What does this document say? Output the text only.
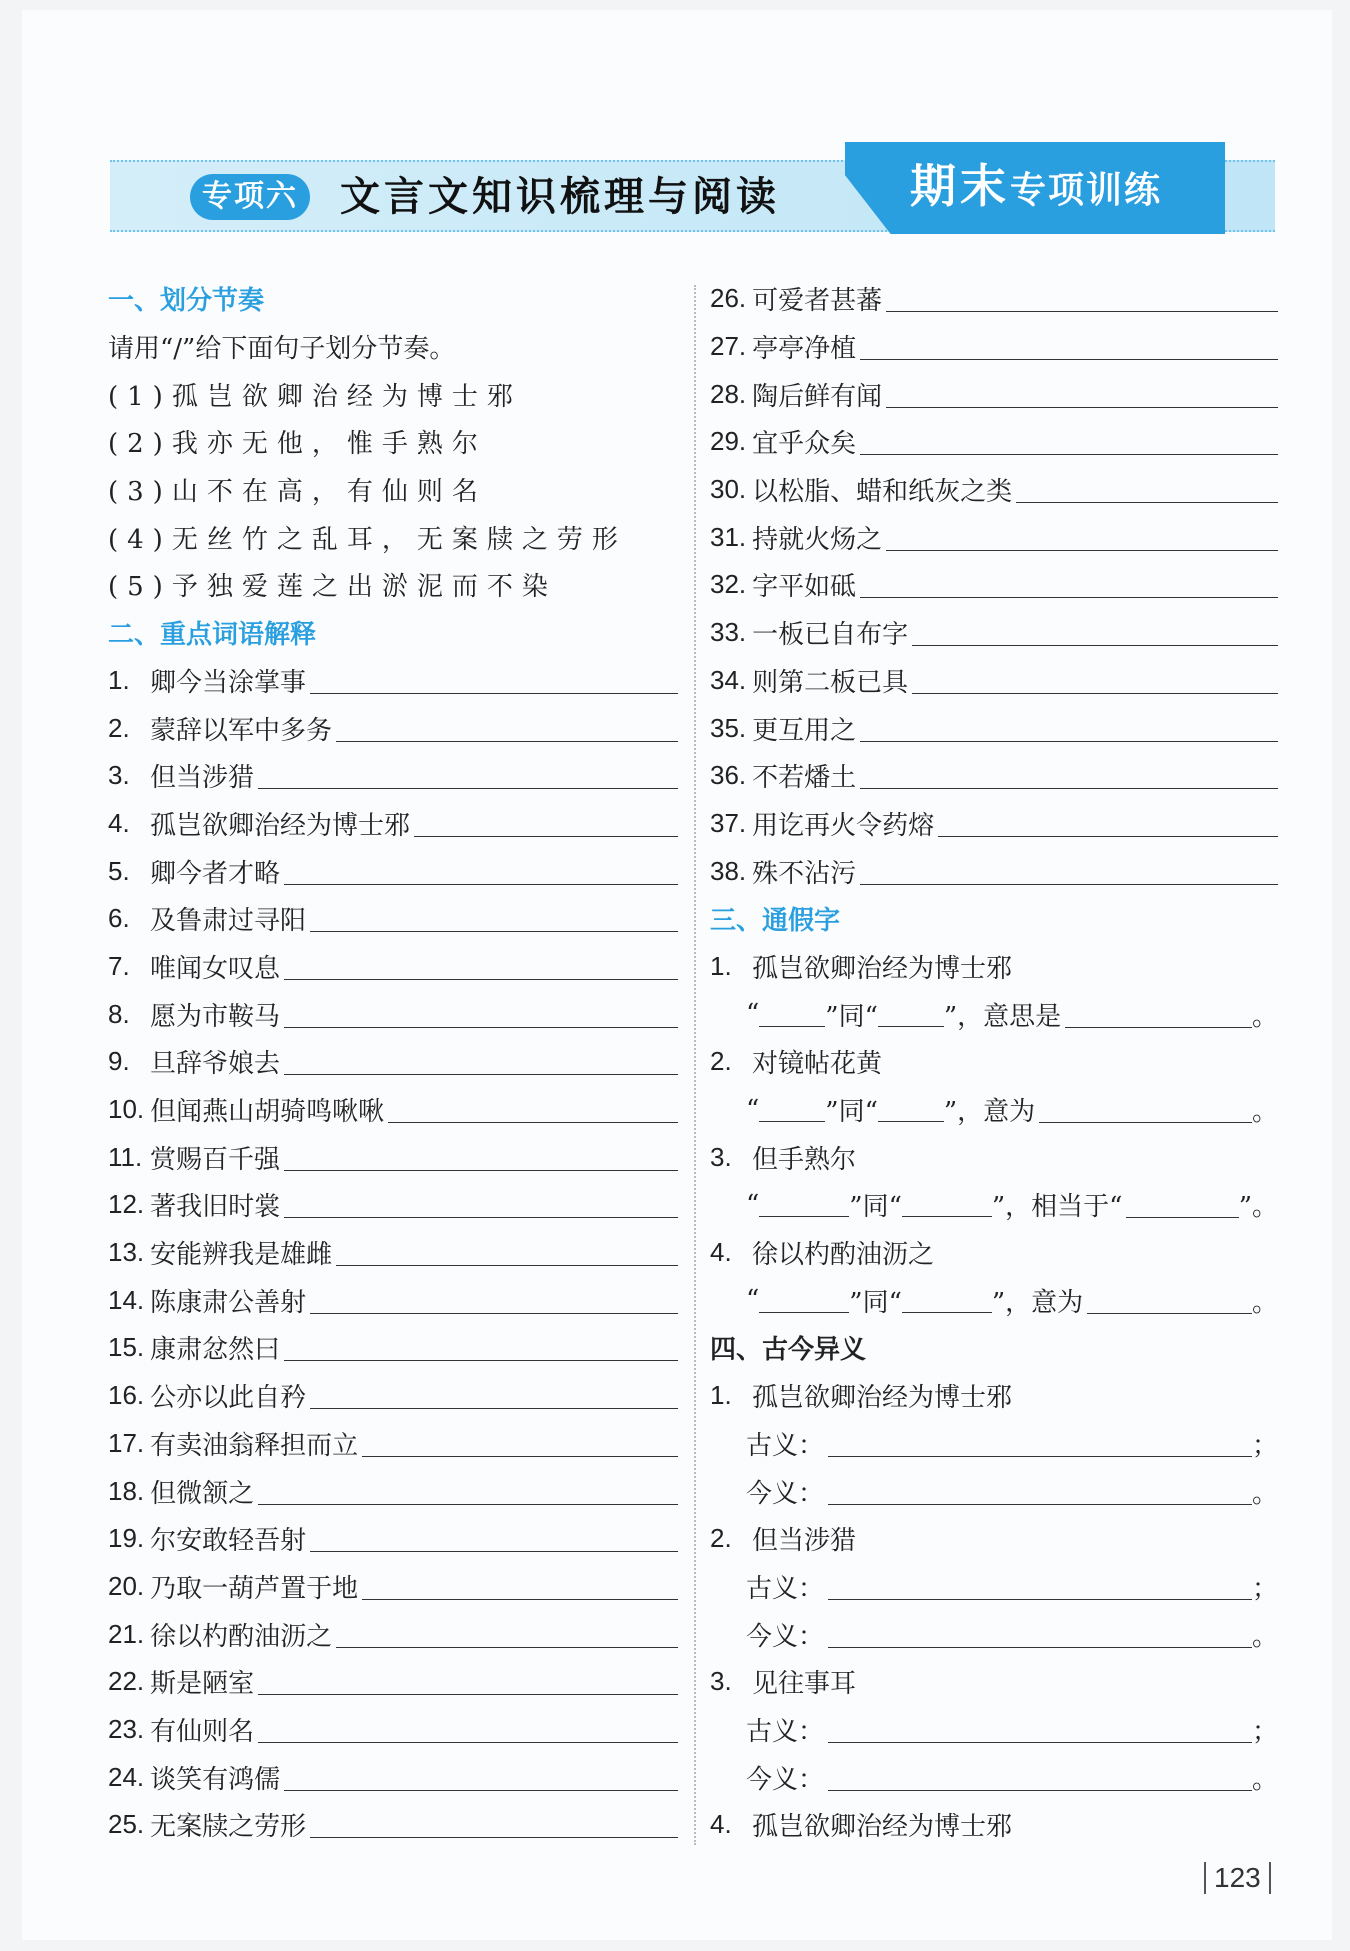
专项六	文言文知识梳理与阅读	期末专项训练
一、划分节奏
请用“/”给下面句子划分节奏。
(1)孤岂欲卿治经为博士邪
(2)我亦无他，惟手熟尔
(3)山不在高，有仙则名
(4)无丝竹之乱耳，无案牍之劳形
(5)予独爱莲之出淤泥而不染
二、重点词语解释
1. 卿今当涂掌事
2. 蒙辞以军中多务
3. 但当涉猎
4. 孤岂欲卿治经为博士邪
5. 卿今者才略
6. 及鲁肃过寻阳
7. 唯闻女叹息
8. 愿为市鞍马
9. 旦辞爷娘去
10. 但闻燕山胡骑鸣啾啾
11. 赏赐百千强
12. 著我旧时裳
13. 安能辨我是雄雌
14. 陈康肃公善射
15. 康肃忿然曰
16. 公亦以此自矜
17. 有卖油翁释担而立
18. 但微颔之
19. 尔安敢轻吾射
20. 乃取一葫芦置于地
21. 徐以杓酌油沥之
22. 斯是陋室
23. 有仙则名
24. 谈笑有鸿儒
25. 无案牍之劳形
26. 可爱者甚蕃
27. 亭亭净植
28. 陶后鲜有闻
29. 宜乎众矣
30. 以松脂、蜡和纸灰之类
31. 持就火炀之
32. 字平如砥
33. 一板已自布字
34. 则第二板已具
35. 更互用之
36. 不若燔土
37. 用讫再火令药熔
38. 殊不沾污
三、通假字
1. 孤岂欲卿治经为博士邪
“	”同“	”，意思是	。
2. 对镜帖花黄
“	”同“	”，意为	。
3. 但手熟尔
“	”同“	”，相当于“	”。
4. 徐以杓酌油沥之
“	”同“	”，意为	。
四、古今异义
1. 孤岂欲卿治经为博士邪
古义：	；
今义：	。
2. 但当涉猎
古义：	；
今义：	。
3. 见往事耳
古义：	；
今义：	。
4. 孤岂欲卿治经为博士邪
123
